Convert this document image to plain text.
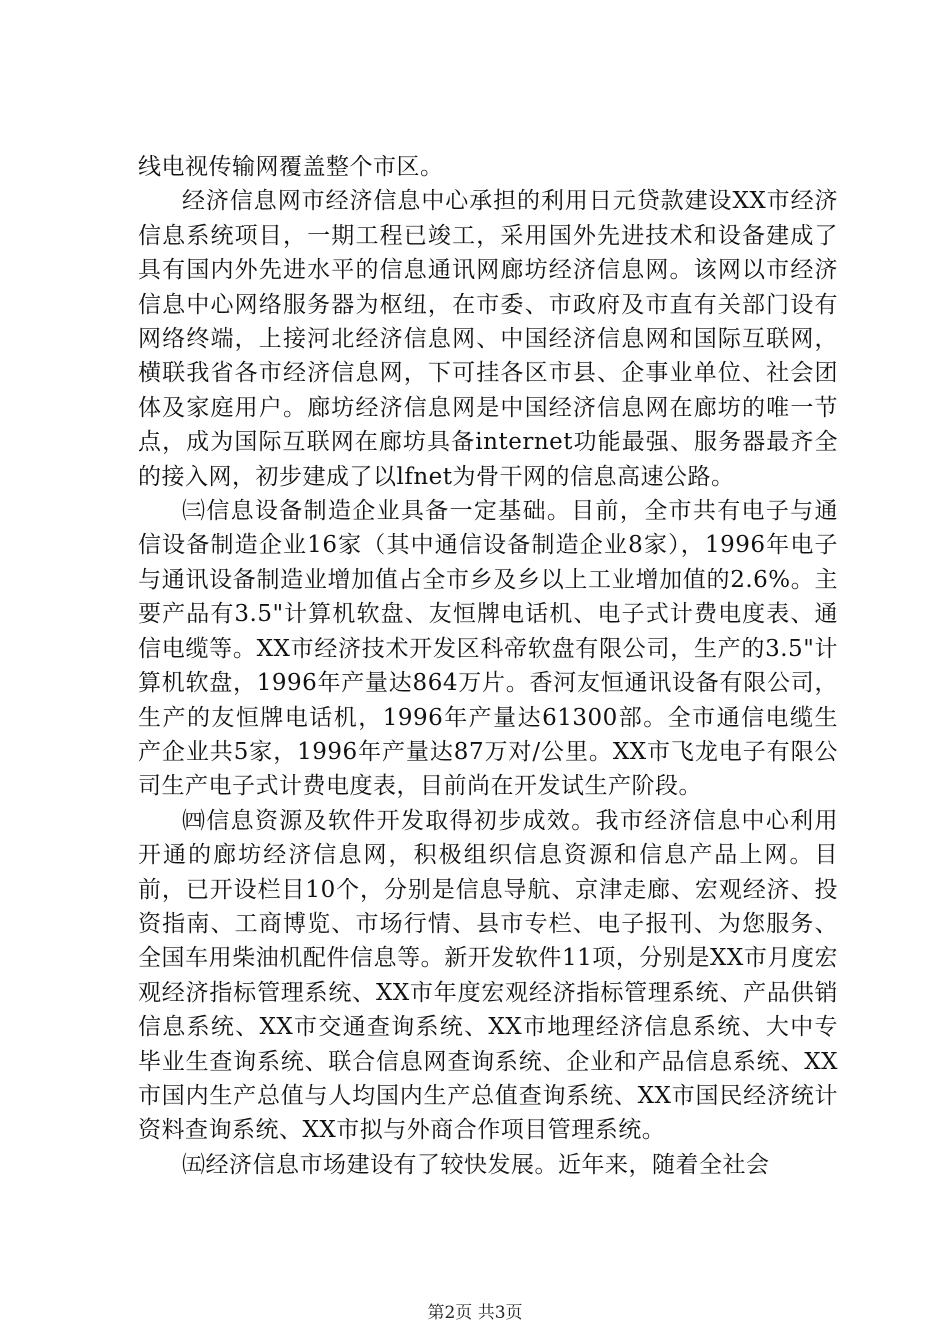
线电视传输网覆盖整个市区。

经济信息网市经济信息中心承担的利用日元贷款建设XX市经济信息系统项目，一期工程已竣工，采用国外先进技术和设备建成了具有国内外先进水平的信息通讯网廊坊经济信息网。该网以市经济信息中心网络服务器为枢纽，在市委、市政府及市直有关部门设有网络终端，上接河北经济信息网、中国经济信息网和国际互联网，横联我省各市经济信息网，下可挂各区市县、企事业单位、社会团体及家庭用户。廊坊经济信息网是中国经济信息网在廊坊的唯一节点，成为国际互联网在廊坊具备internet功能最强、服务器最齐全的接入网，初步建成了以lfnet为骨干网的信息高速公路。

㈢信息设备制造企业具备一定基础。目前，全市共有电子与通信设备制造企业16家（其中通信设备制造企业8家），1996年电子与通讯设备制造业增加值占全市乡及乡以上工业增加值的2.6%。主要产品有3.5"计算机软盘、友恒牌电话机、电子式计费电度表、通信电缆等。XX市经济技术开发区科帝软盘有限公司，生产的3.5"计算机软盘，1996年产量达864万片。香河友恒通讯设备有限公司，生产的友恒牌电话机，1996年产量达61300部。全市通信电缆生产企业共5家，1996年产量达87万对/公里。XX市飞龙电子有限公司生产电子式计费电度表，目前尚在开发试生产阶段。

㈣信息资源及软件开发取得初步成效。我市经济信息中心利用开通的廊坊经济信息网，积极组织信息资源和信息产品上网。目前，已开设栏目10个，分别是信息导航、京津走廊、宏观经济、投资指南、工商博览、市场行情、县市专栏、电子报刊、为您服务、全国车用柴油机配件信息等。新开发软件11项，分别是XX市月度宏观经济指标管理系统、XX市年度宏观经济指标管理系统、产品供销信息系统、XX市交通查询系统、XX市地理经济信息系统、大中专毕业生查询系统、联合信息网查询系统、企业和产品信息系统、XX市国内生产总值与人均国内生产总值查询系统、XX市国民经济统计资料查询系统、XX市拟与外商合作项目管理系统。

㈤经济信息市场建设有了较快发展。近年来，随着全社会

第2页 共3页
